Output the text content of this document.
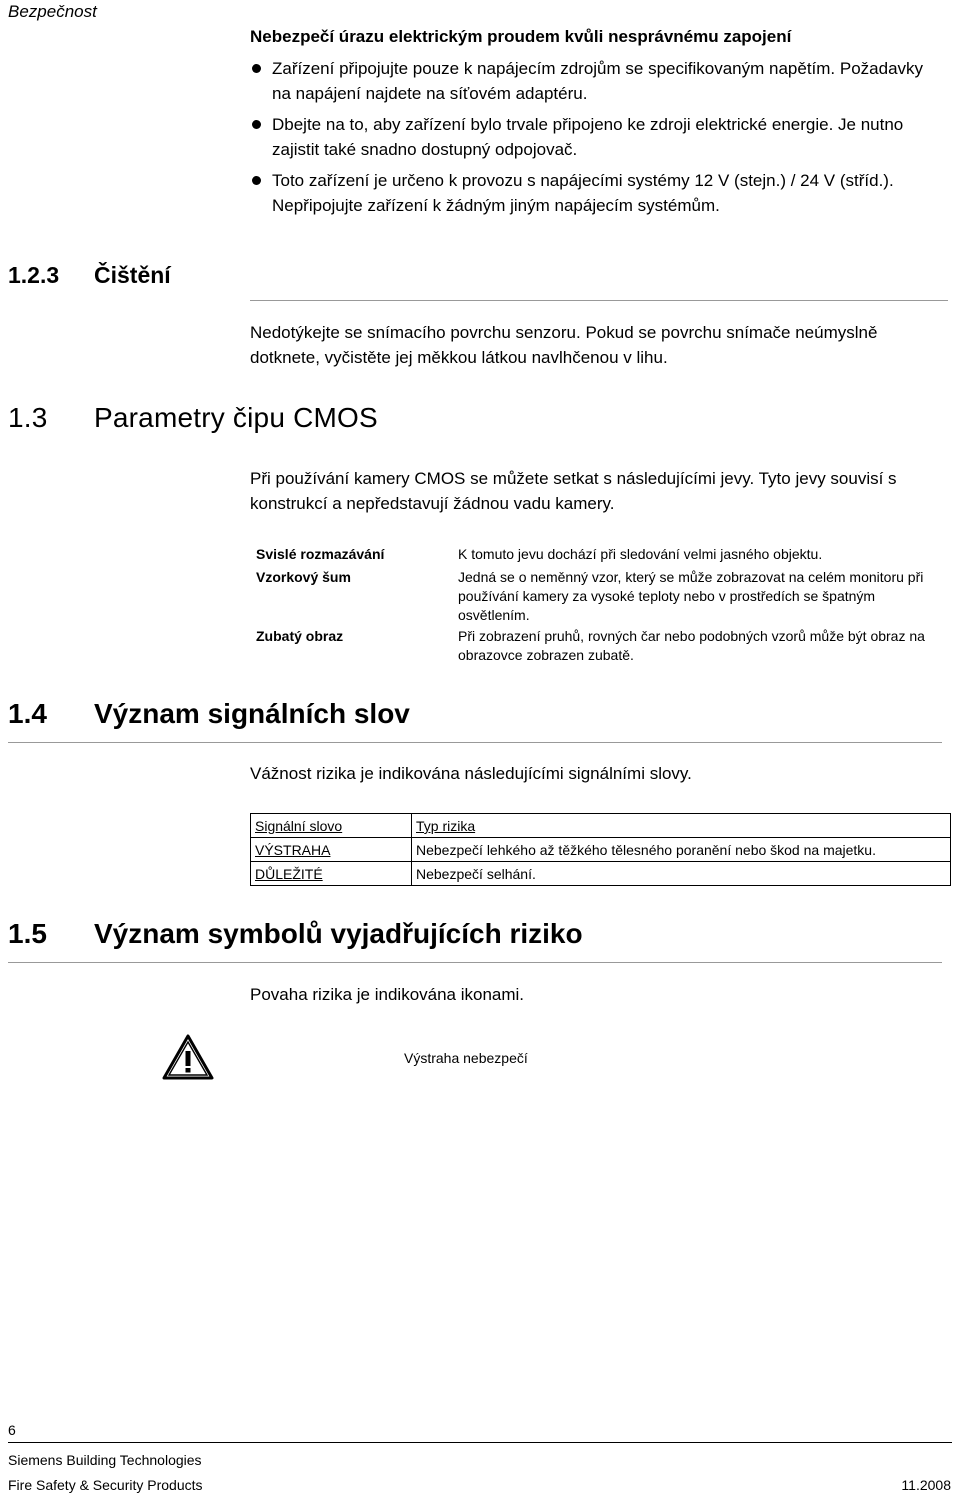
Bezpečnost
Nebezpečí úrazu elektrickým proudem kvůli nesprávnému zapojení
Zařízení připojujte pouze k napájecím zdrojům se specifikovaným napětím. Požadavky na napájení najdete na síťovém adaptéru.
Dbejte na to, aby zařízení bylo trvale připojeno ke zdroji elektrické energie. Je nutno zajistit také snadno dostupný odpojovač.
Toto zařízení je určeno k provozu s napájecími systémy 12 V (stejn.) / 24 V (stříd.). Nepřipojujte zařízení k žádným jiným napájecím systémům.
1.2.3 Čištění
Nedotýkejte se snímacího povrchu senzoru. Pokud se povrchu snímače neúmyslně dotknete, vyčistěte jej měkkou látkou navlhčenou v lihu.
1.3 Parametry čipu CMOS
Při používání kamery CMOS se můžete setkat s následujícími jevy. Tyto jevy souvisí s konstrukcí a nepředstavují žádnou vadu kamery.
Svislé rozmazávání	K tomuto jevu dochází při sledování velmi jasného objektu.
Vzorkový šum	Jedná se o neměnný vzor, který se může zobrazovat na celém monitoru při používání kamery za vysoké teploty nebo v prostředích se špatným osvětlením.
Zubatý obraz	Při zobrazení pruhů, rovných čar nebo podobných vzorů může být obraz na obrazovce zobrazen zubatě.
1.4 Význam signálních slov
Vážnost rizika je indikována následujícími signálními slovy.
Signální slovo	Typ rizika
VÝSTRAHA	Nebezpečí lehkého až těžkého tělesného poranění nebo škod na majetku.
DŮLEŽITÉ	Nebezpečí selhání.
1.5 Význam symbolů vyjadřujících riziko
Povaha rizika je indikována ikonami.
Výstraha nebezpečí
6
Siemens Building Technologies
Fire Safety & Security Products	11.2008
